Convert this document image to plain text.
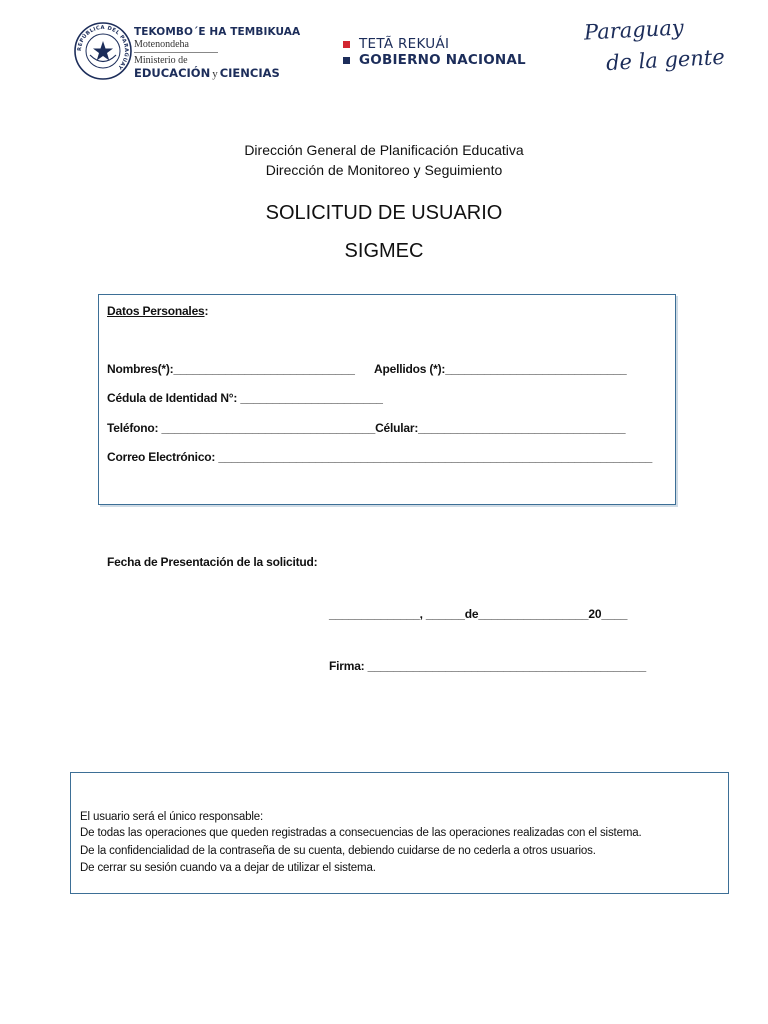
REPÚBLICA DEL PARAGUAY
TEKOMBO´E HA TEMBIKUAA
Motenondeha
Ministerio de
EDUCACIÓN y CIENCIAS
TETÃ REKUÁI
GOBIERNO NACIONAL
Paraguay
de la gente
Dirección General de Planificación Educativa
Dirección de Monitoreo y Seguimiento
SOLICITUD DE USUARIO
SIGMEC
Datos Personales:
Nombres(*):____________________________ Apellidos (*):____________________________
Cédula de Identidad N°: ______________________
Teléfono: _________________________________Célular:________________________________
Correo Electrónico: ___________________________________________________________________
Fecha de Presentación de la solicitud:
______________, ______de_________________20____
Firma: ___________________________________________
El usuario será el único responsable:
De todas las operaciones que queden registradas a consecuencias de las operaciones realizadas con el sistema.
De la confidencialidad de la contraseña de su cuenta, debiendo cuidarse de no cederla a otros usuarios.
De cerrar su sesión cuando va a dejar de utilizar el sistema.
